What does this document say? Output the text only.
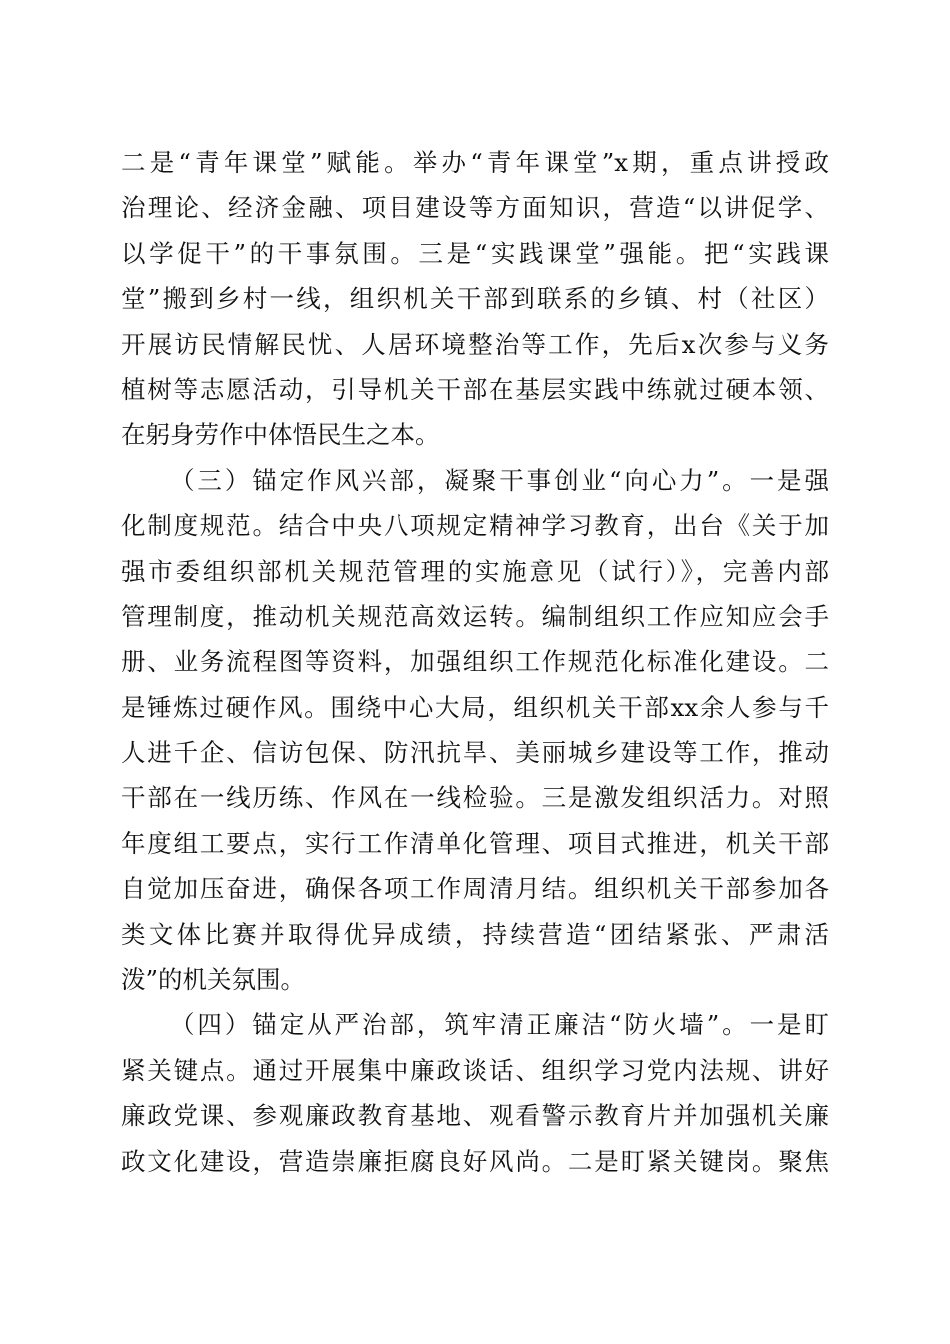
二是“青年课堂”赋能。举办“青年课堂”x期，重点讲授政
治理论、经济金融、项目建设等方面知识，营造“以讲促学、
以学促干”的干事氛围。三是“实践课堂”强能。把“实践课
堂”搬到乡村一线，组织机关干部到联系的乡镇、村（社区）
开展访民情解民忧、人居环境整治等工作，先后x次参与义务
植树等志愿活动，引导机关干部在基层实践中练就过硬本领、
在躬身劳作中体悟民生之本。
（三）锚定作风兴部，凝聚干事创业“向心力”。一是强
化制度规范。结合中央八项规定精神学习教育，出台《关于加
强市委组织部机关规范管理的实施意见（试行）》，完善内部
管理制度，推动机关规范高效运转。编制组织工作应知应会手
册、业务流程图等资料，加强组织工作规范化标准化建设。二
是锤炼过硬作风。围绕中心大局，组织机关干部xx余人参与千
人进千企、信访包保、防汛抗旱、美丽城乡建设等工作，推动
干部在一线历练、作风在一线检验。三是激发组织活力。对照
年度组工要点，实行工作清单化管理、项目式推进，机关干部
自觉加压奋进，确保各项工作周清月结。组织机关干部参加各
类文体比赛并取得优异成绩，持续营造“团结紧张、严肃活
泼”的机关氛围。
（四）锚定从严治部，筑牢清正廉洁“防火墙”。一是盯
紧关键点。通过开展集中廉政谈话、组织学习党内法规、讲好
廉政党课、参观廉政教育基地、观看警示教育片并加强机关廉
政文化建设，营造崇廉拒腐良好风尚。二是盯紧关键岗。聚焦
